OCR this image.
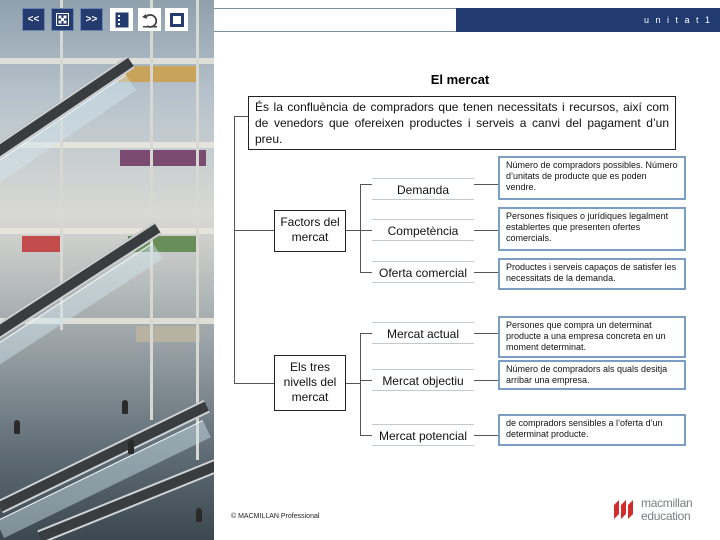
<<	>>	u n i t a t 1
El mercat
És la confluència de compradors que tenen necessitats i recursos, així com de venedors que ofereixen productes i serveis a canvi del pagament d’un preu.
Factors del mercat
Demanda
Competència
Oferta comercial
Número de compradors possibles. Número d’unitats de producte que es poden vendre.
Persones físiques o jurídiques legalment establertes que presenten ofertes comercials.
Productes i serveis capaços de satisfer les necessitats de la demanda.
Els tres nivells del mercat
Mercat actual
Mercat objectiu
Mercat potencial
Persones que compra un determinat producte a una empresa concreta en un moment determinat.
Número de compradors als quals desitja arribar una empresa.
de compradors sensibles a l’oferta d’un determinat producte.
© MACMILLAN Professional
macmillan
education
